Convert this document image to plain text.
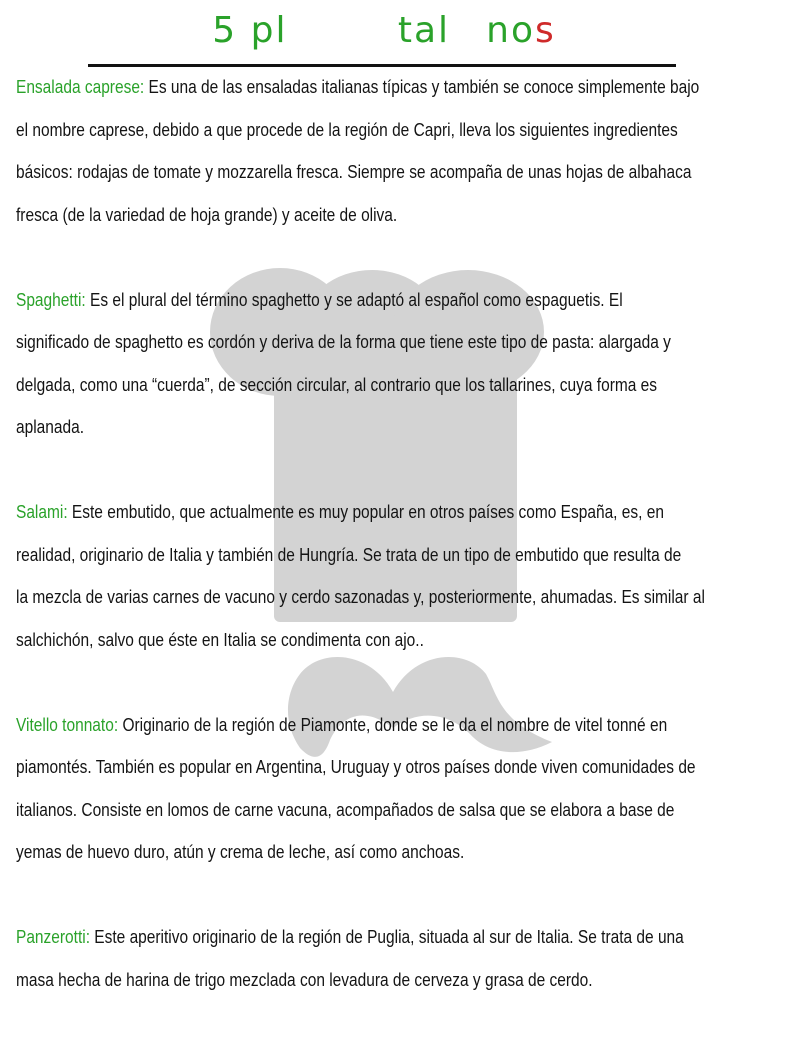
5 platos italianos

Ensalada caprese: Es una de las ensaladas italianas típicas y también se conoce simplemente bajo

el nombre caprese, debido a que procede de la región de Capri, lleva los siguientes ingredientes

básicos: rodajas de tomate y mozzarella fresca. Siempre se acompaña de unas hojas de albahaca

fresca (de la variedad de hoja grande) y aceite de oliva.

Spaghetti: Es el plural del término spaghetto y se adaptó al español como espaguetis. El

significado de spaghetto es cordón y deriva de la forma que tiene este tipo de pasta: alargada y

delgada, como una “cuerda”, de sección circular, al contrario que los tallarines, cuya forma es

aplanada.

Salami: Este embutido, que actualmente es muy popular en otros países como España, es, en

realidad, originario de Italia y también de Hungría. Se trata de un tipo de embutido que resulta de

la mezcla de varias carnes de vacuno y cerdo sazonadas y, posteriormente, ahumadas. Es similar al

salchichón, salvo que éste en Italia se condimenta con ajo..

Vitello tonnato: Originario de la región de Piamonte, donde se le da el nombre de vitel tonné en

piamontés. También es popular en Argentina, Uruguay y otros países donde viven comunidades de

italianos. Consiste en lomos de carne vacuna, acompañados de salsa que se elabora a base de

yemas de huevo duro, atún y crema de leche, así como anchoas.

Panzerotti: Este aperitivo originario de la región de Puglia, situada al sur de Italia. Se trata de una

masa hecha de harina de trigo mezclada con levadura de cerveza y grasa de cerdo.
